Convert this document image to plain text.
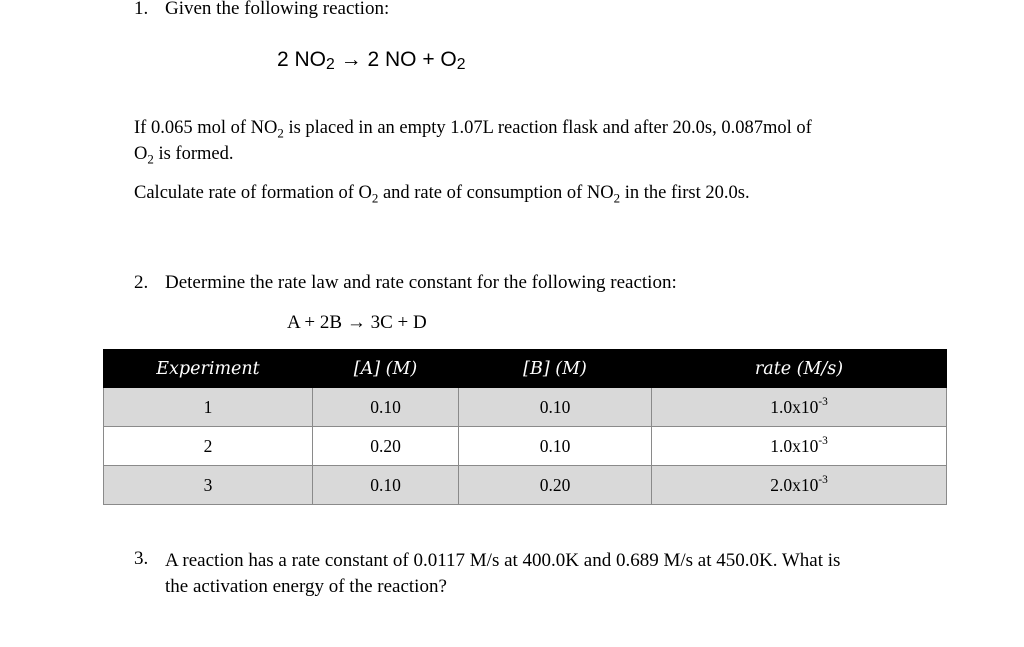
1. Given the following reaction:
2 NO2 → 2 NO + O2
If 0.065 mol of $NO_2$ is placed in an empty 1.07L reaction flask and after 20.0s, 0.087mol of
$O_2$ is formed.
Calculate rate of formation of $O_2$ and rate of consumption of $NO_2$ in the first 20.0s.
2. Determine the rate law and rate constant for the following reaction:
A + 2B → 3C + D
Experiment	[A] (M)	[B] (M)	rate (M/s)
1	0.10	0.10	$1.0x10^{-3}$
2	0.20	0.10	$1.0x10^{-3}$
3	0.10	0.20	$2.0x10^{-3}$
3. A reaction has a rate constant of 0.0117 M/s at 400.0K and 0.689 M/s at 450.0K. What is
the activation energy of the reaction?
